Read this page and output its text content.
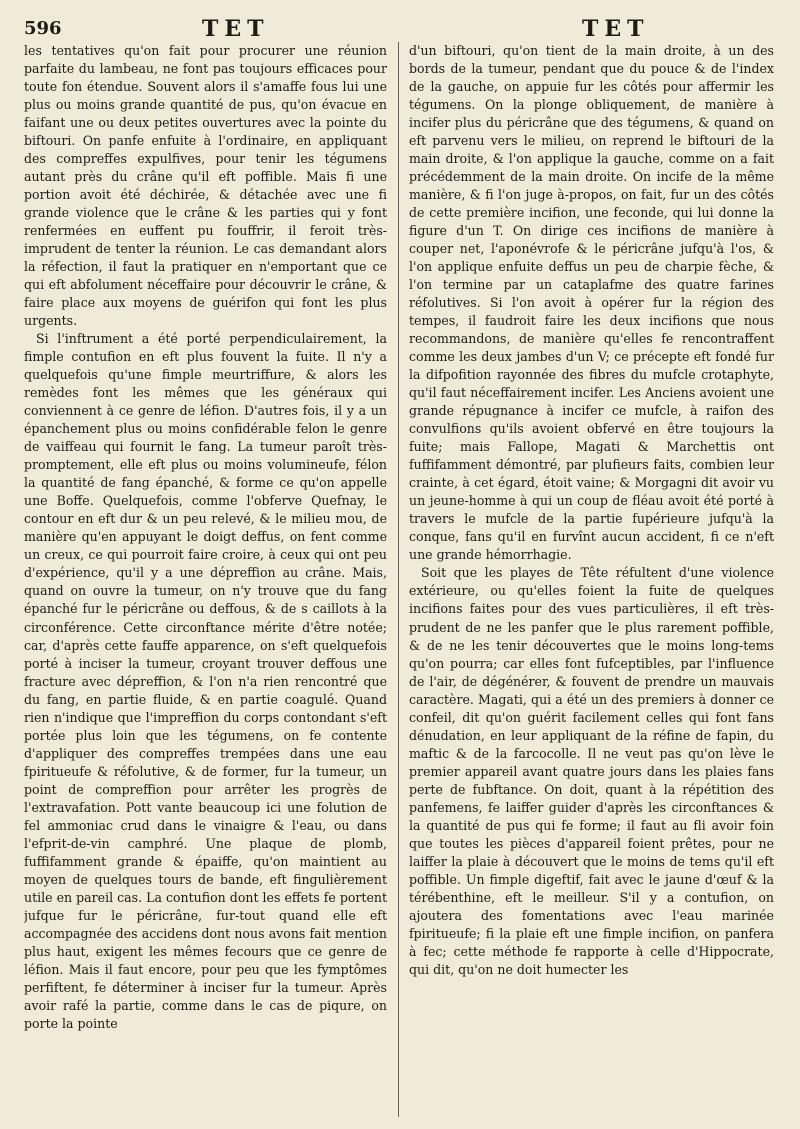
596	TET	TET

les tentatives qu'on fait pour procurer une réunion parfaite du lambeau, ne font pas toujours efficaces pour toute fon étendue. Souvent alors il s'amaffe fous lui une plus ou moins grande quantité de pus, qu'on évacue en faifant une ou deux petites ouvertures avec la pointe du biftouri. On panfe enfuite à l'ordinaire, en appliquant des compreffes expulfives, pour tenir les tégumens autant près du crâne qu'il eft poffible. Mais fi une portion avoit été déchirée, & détachée avec une fi grande violence que le crâne & les parties qui y font renfermées en euffent pu fouffrir, il feroit très-imprudent de tenter la réunion. Le cas demandant alors la réfection, il faut la pratiquer en n'emportant que ce qui eft abfolument néceffaire pour découvrir le crâne, & faire place aux moyens de guérifon qui font les plus urgents.

Si l'inftrument a été porté perpendiculairement, la fimple contufion en eft plus fouvent la fuite. Il n'y a quelquefois qu'une fimple meurtriffure, & alors les remèdes font les mêmes que les généraux qui conviennent à ce genre de léfion. D'autres fois, il y a un épanchement plus ou moins confidérable felon le genre de vaiffeau qui fournit le fang. La tumeur paroît très-promptement, elle eft plus ou moins volumineufe, félon la quantité de fang épanché, & forme ce qu'on appelle une Boffe. Quelquefois, comme l'obferve Quefnay, le contour en eft dur & un peu relevé, & le milieu mou, de manière qu'en appuyant le doigt deffus, on fent comme un creux, ce qui pourroit faire croire, à ceux qui ont peu d'expérience, qu'il y a une dépreffion au crâne. Mais, quand on ouvre la tumeur, on n'y trouve que du fang épanché fur le péricrâne ou deffous, & de s caillots à la circonférence. Cette circonftance mérite d'être notée; car, d'après cette fauffe apparence, on s'eft quelquefois porté à inciser la tumeur, croyant trouver deffous une fracture avec dépreffion, & l'on n'a rien rencontré que du fang, en partie fluide, & en partie coagulé. Quand rien n'indique que l'impreffion du corps contondant s'eft portée plus loin que les tégumens, on fe contente d'appliquer des compreffes trempées dans une eau fpiritueufe & réfolutive, & de former, fur la tumeur, un point de compreffion pour arrêter les progrès de l'extravafation. Pott vante beaucoup ici une folution de fel ammoniac crud dans le vinaigre & l'eau, ou dans l'efprit-de-vin camphré. Une plaque de plomb, fuffifamment grande & épaiffe, qu'on maintient au moyen de quelques tours de bande, eft fingulièrement utile en pareil cas. La contufion dont les effets fe portent jufque fur le péricrâne, fur-tout quand elle eft accompagnée des accidens dont nous avons fait mention plus haut, exigent les mêmes fecours que ce genre de léfion. Mais il faut encore, pour peu que les fymptômes perfiftent, fe déterminer à inciser fur la tumeur. Après avoir rafé la partie, comme dans le cas de piqure, on porte la pointe

d'un biftouri, qu'on tient de la main droite, à un des bords de la tumeur, pendant que du pouce & de l'index de la gauche, on appuie fur les côtés pour affermir les tégumens. On la plonge obliquement, de manière à incifer plus du péricrâne que des tégumens, & quand on eft parvenu vers le milieu, on reprend le biftouri de la main droite, & l'on applique la gauche, comme on a fait précédemment de la main droite. On incife de la même manière, & fi l'on juge à-propos, on fait, fur un des côtés de cette première incifion, une feconde, qui lui donne la figure d'un T. On dirige ces incifions de manière à couper net, l'aponévrofe & le péricrâne jufqu'à l'os, & l'on applique enfuite deffus un peu de charpie fèche, & l'on termine par un cataplafme des quatre farines réfolutives. Si l'on avoit à opérer fur la région des tempes, il faudroit faire les deux incifions que nous recommandons, de manière qu'elles fe rencontraffent comme les deux jambes d'un V; ce précepte eft fondé fur la difpofition rayonnée des fibres du mufcle crotaphyte, qu'il faut néceffairement incifer. Les Anciens avoient une grande répugnance à incifer ce mufcle, à raifon des convulfions qu'ils avoient obfervé en être toujours la fuite; mais Fallope, Magati & Marchettis ont fuffifamment démontré, par plufieurs faits, combien leur crainte, à cet égard, étoit vaine; & Morgagni dit avoir vu un jeune-homme à qui un coup de fléau avoit été porté à travers le mufcle de la partie fupérieure jufqu'à la conque, fans qu'il en furvînt aucun accident, fi ce n'eft une grande hémorrhagie.

Soit que les playes de Tête réfultent d'une violence extérieure, ou qu'elles foient la fuite de quelques incifions faites pour des vues particulières, il eft très-prudent de ne les panfer que le plus rarement poffible, & de ne les tenir découvertes que le moins long-tems qu'on pourra; car elles font fufceptibles, par l'influence de l'air, de dégénérer, & fouvent de prendre un mauvais caractère. Magati, qui a été un des premiers à donner ce confeil, dit qu'on guérit facilement celles qui font fans dénudation, en leur appliquant de la réfine de fapin, du maftic & de la farcocolle. Il ne veut pas qu'on lève le premier appareil avant quatre jours dans les plaies fans perte de fubftance. On doit, quant à la répétition des panfemens, fe laiffer guider d'après les circonftances & la quantité de pus qui fe forme; il faut au fli avoir foin que toutes les pièces d'appareil foient prêtes, pour ne laiffer la plaie à découvert que le moins de tems qu'il eft poffible. Un fimple digeftif, fait avec le jaune d'œuf & la térébenthine, eft le meilleur. S'il y a contufion, on ajoutera des fomentations avec l'eau marinée fpiritueufe; fi la plaie eft une fimple incifion, on panfera à fec; cette méthode fe rapporte à celle d'Hippocrate, qui dit, qu'on ne doit humecter les
